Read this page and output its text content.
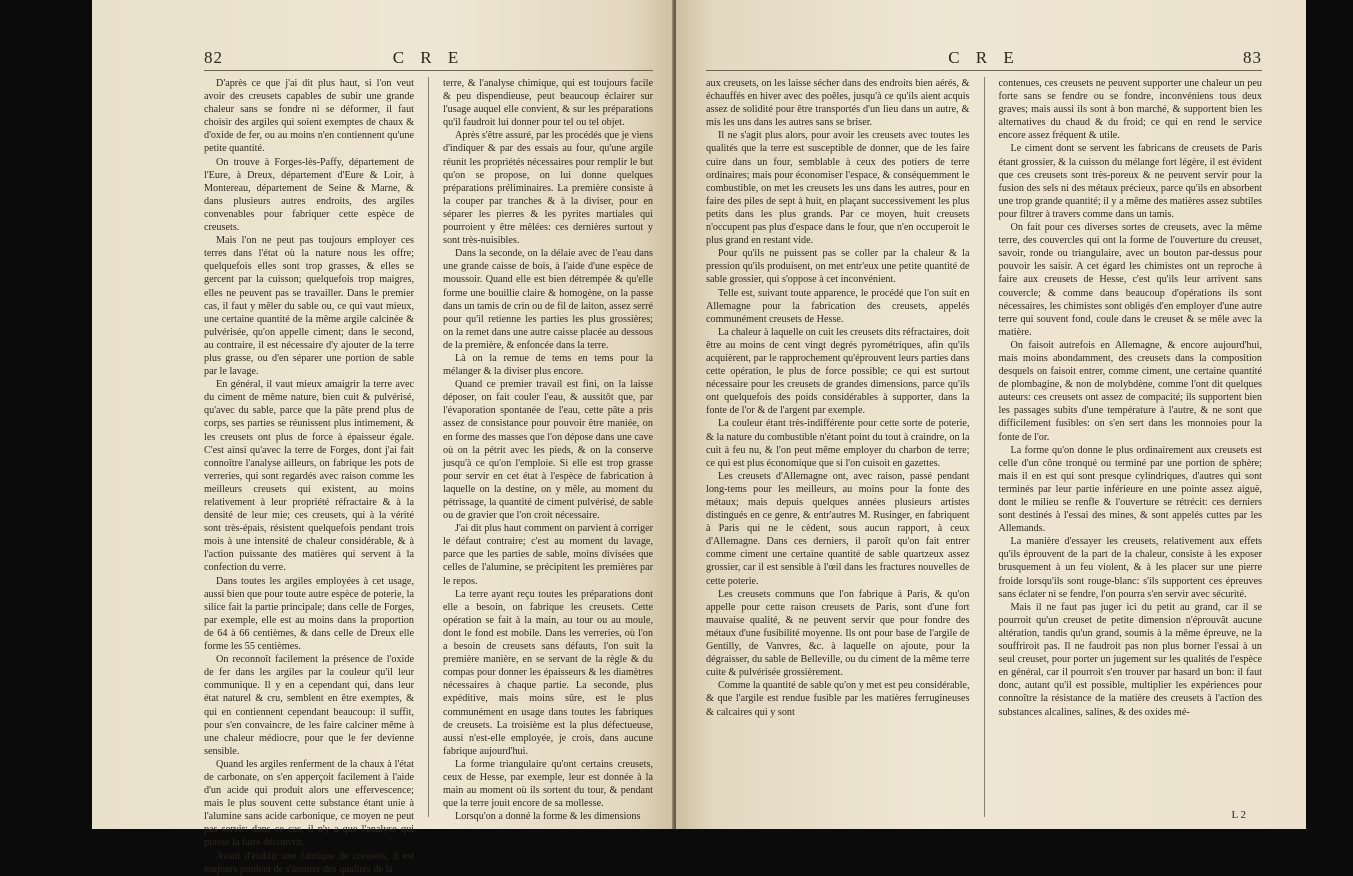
82	C R E

D'après ce que j'ai dit plus haut, si l'on veut avoir des creusets capables de subir une grande chaleur sans se fondre ni se déformer, il faut choisir des argiles qui soient exemptes de chaux & d'oxide de fer, ou au moins n'en contiennent qu'une petite quantité.

On trouve à Forges-lès-Paffy, département de l'Eure, à Dreux, département d'Eure & Loir, à Montereau, département de Seine & Marne, & dans plusieurs autres endroits, des argiles convenables pour fabriquer cette espèce de creusets.

Mais l'on ne peut pas toujours employer ces terres dans l'état où la nature nous les offre; quelquefois elles sont trop grasses, & elles se gercent par la cuisson; quelquefois trop maigres, elles ne peuvent pas se travailler. Dans le premier cas, il faut y mêler du sable ou, ce qui vaut mieux, une certaine quantité de la même argile calcinée & pulvérisée, qu'on appelle ciment; dans le second, au contraire, il est nécessaire d'y ajouter de la terre plus grasse, ou d'en séparer une portion de sable par le lavage.

En général, il vaut mieux amaigrir la terre avec du ciment de même nature, bien cuit & pulvérisé, qu'avec du sable, parce que la pâte prend plus de corps, ses parties se réunissent plus intimement, & les creusets ont plus de force à épaisseur égale. C'est ainsi qu'avec la terre de Forges, dont j'ai fait connoître l'analyse ailleurs, on fabrique les pots de verreries, qui sont regardés avec raison comme les meilleurs creusets qui existent, au moins relativement à leur propriété réfractaire & à la densité de leur mie; ces creusets, qui à la vérité sont très-épais, résistent quelquefois pendant trois mois à une intensité de chaleur considérable, & à l'action puissante des matières qui servent à la confection du verre.

Dans toutes les argiles employées à cet usage, aussi bien que pour toute autre espèce de poterie, la silice fait la partie principale; dans celle de Forges, par exemple, elle est au moins dans la proportion de 64 à 66 centièmes, & dans celle de Dreux elle forme les 55 centièmes.

On reconnoît facilement la présence de l'oxide de fer dans les argiles par la couleur qu'il leur communique. Il y en a cependant qui, dans leur état naturel & cru, semblent en être exemptes, & qui en contiennent cependant beaucoup: il suffit, pour s'en convaincre, de les faire calciner même à une chaleur médiocre, pour que le fer devienne sensible.

Quand les argiles renferment de la chaux à l'état de carbonate, on s'en apperçoit facilement à l'aide d'un acide qui produit alors une effervescence; mais le plus souvent cette substance étant unie à l'alumine sans acide carbonique, ce moyen ne peut pas servir: dans ce cas, il n'y a que l'analyse qui puisse la faire découvrir.

Avant d'établir une fabrique de creusets, il est toujours prudent de s'assurer des qualités de la

terre, & l'analyse chimique, qui est toujours facile & peu dispendieuse, peut beaucoup éclairer sur l'usage auquel elle convient, & sur les préparations qu'il faudroit lui donner pour tel ou tel objet.

Après s'être assuré, par les procédés que je viens d'indiquer & par des essais au four, qu'une argile réunit les propriétés nécessaires pour remplir le but qu'on se propose, on lui donne quelques préparations préliminaires. La première consiste à la couper par tranches & à la diviser, pour en séparer les pierres & les pyrites martiales qui pourroient y être mêlées: ces dernières surtout y sont très-nuisibles.

Dans la seconde, on la délaie avec de l'eau dans une grande caisse de bois, à l'aide d'une espèce de moussoir. Quand elle est bien détrempée & qu'elle forme une bouillie claire & homogène, on la passe dans un tamis de crin ou de fil de laiton, assez serré pour qu'il retienne les parties les plus grossières; on la remet dans une autre caisse placée au dessous de la première, & enfoncée dans la terre.

Là on la remue de tems en tems pour la mélanger & la diviser plus encore.

Quand ce premier travail est fini, on la laisse déposer, on fait couler l'eau, & aussitôt que, par l'évaporation spontanée de l'eau, cette pâte a pris assez de consistance pour pouvoir être maniée, on en forme des masses que l'on dépose dans une cave où on la pétrit avec les pieds, & on la conserve jusqu'à ce qu'on l'emploie. Si elle est trop grasse pour servir en cet état à l'espèce de fabrication à laquelle on la destine, on y mêle, au moment du pétrissage, la quantité de ciment pulvérisé, de sable ou de gravier que l'on croit nécessaire.

J'ai dit plus haut comment on parvient à corriger le défaut contraire; c'est au moment du lavage, parce que les parties de sable, moins divisées que celles de l'alumine, se précipitent les premières par le repos.

La terre ayant reçu toutes les préparations dont elle a besoin, on fabrique les creusets. Cette opération se fait à la main, au tour ou au moule, dont le fond est mobile. Dans les verreries, où l'on a besoin de creusets sans défauts, l'on suit la première manière, en se servant de la règle & du compas pour donner les épaisseurs & les diamètres nécessaires à chaque partie. La seconde, plus expéditive, mais moins sûre, est le plus communément en usage dans toutes les fabriques de creusets. La troisième est la plus défectueuse, aussi n'est-elle employée, je crois, dans aucune fabrique aujourd'hui.

La forme triangulaire qu'ont certains creusets, ceux de Hesse, par exemple, leur est donnée à la main au moment où ils sortent du tour, & pendant que la terre jouit encore de sa mollesse.

Lorsqu'on a donné la forme & les dimensions

C R E	83

aux creusets, on les laisse sécher dans des endroits bien aérés, & échauffés en hiver avec des poêles, jusqu'à ce qu'ils aient acquis assez de solidité pour être transportés d'un lieu dans un autre, & mis les uns dans les autres sans se briser.

Il ne s'agit plus alors, pour avoir les creusets avec toutes les qualités que la terre est susceptible de donner, que de les faire cuire dans un four, semblable à ceux des potiers de terre ordinaires; mais pour économiser l'espace, & conséquemment le combustible, on met les creusets les uns dans les autres, pour en faire des piles de sept à huit, en plaçant successivement les plus petits dans les plus grands. Par ce moyen, huit creusets n'occupent pas plus d'espace dans le four, que n'en occuperoit le plus grand en restant vide.

Pour qu'ils ne puissent pas se coller par la chaleur & la pression qu'ils produisent, on met entr'eux une petite quantité de sable grossier, qui s'oppose à cet inconvénient.

Telle est, suivant toute apparence, le procédé que l'on suit en Allemagne pour la fabrication des creusets, appelés communément creusets de Hesse.

La chaleur à laquelle on cuit les creusets dits réfractaires, doit être au moins de cent vingt degrés pyrométriques, afin qu'ils acquièrent, par le rapprochement qu'éprouvent leurs parties dans cette opération, le plus de force possible; ce qui est surtout nécessaire pour les creusets de grandes dimensions, parce qu'ils ont quelquefois des poids considérables à supporter, dans la fonte de l'or & de l'argent par exemple.

La couleur étant très-indifférente pour cette sorte de poterie, & la nature du combustible n'étant point du tout à craindre, on la cuit à feu nu, & l'on peut même employer du charbon de terre; ce qui est plus économique que si l'on cuisoit en gazettes.

Les creusets d'Allemagne ont, avec raison, passé pendant long-tems pour les meilleurs, au moins pour la fonte des métaux; mais depuis quelques années plusieurs artistes distingués en ce genre, & entr'autres M. Rusinger, en fabriquent à Paris qui ne le cèdent, sous aucun rapport, à ceux d'Allemagne. Dans ces derniers, il paroît qu'on fait entrer comme ciment une certaine quantité de sable quartzeux assez grossier, car il est sensible à l'œil dans les fractures nouvelles de cette poterie.

Les creusets communs que l'on fabrique à Paris, & qu'on appelle pour cette raison creusets de Paris, sont d'une fort mauvaise qualité, & ne peuvent servir que pour fondre des métaux d'une fusibilité moyenne. Ils ont pour base de l'argile de Gentilly, de Vanvres, &c. à laquelle on ajoute, pour la dégraisser, du sable de Belleville, ou du ciment de la même terre cuite & pulvérisée grossièrement.

Comme la quantité de sable qu'on y met est peu considérable, & que l'argile est rendue fusible par les matières ferrugineuses & calcaires qui y sont

contenues, ces creusets ne peuvent supporter une chaleur un peu forte sans se fendre ou se fondre, inconvéniens tous deux graves; mais aussi ils sont à bon marché, & supportent bien les alternatives du chaud & du froid; ce qui en rend le service encore assez fréquent & utile.

Le ciment dont se servent les fabricans de creusets de Paris étant grossier, & la cuisson du mélange fort légère, il est évident que ces creusets sont très-poreux & ne peuvent servir pour la fusion des sels ni des métaux précieux, parce qu'ils en absorbent une trop grande quantité; il y a même des matières assez subtiles pour filtrer à travers comme dans un tamis.

On fait pour ces diverses sortes de creusets, avec la même terre, des couvercles qui ont la forme de l'ouverture du creuset, savoir, ronde ou triangulaire, avec un bouton par-dessus pour pouvoir les saisir. A cet égard les chimistes ont un reproche à faire aux creusets de Hesse, c'est qu'ils leur arrivent sans couvercle; & comme dans beaucoup d'opérations ils sont nécessaires, les chimistes sont obligés d'en employer d'une autre terre qui souvent fond, coule dans le creuset & se mêle avec la matière.

On faisoit autrefois en Allemagne, & encore aujourd'hui, mais moins abondamment, des creusets dans la composition desquels on faisoit entrer, comme ciment, une certaine quantité de plombagine, & non de molybdène, comme l'ont dit quelques auteurs: ces creusets ont assez de compacité; ils supportent bien les passages subits d'une température à l'autre, & ne sont que difficilement fusibles: on s'en sert dans les monnoies pour la fonte de l'or.

La forme qu'on donne le plus ordinairement aux creusets est celle d'un cône tronqué ou terminé par une portion de sphère; mais il en est qui sont presque cylindriques, d'autres qui sont terminés par leur partie inférieure en une pointe assez aiguë, dont le milieu se renfle & l'ouverture se rétrécit: ces derniers sont destinés à l'essai des mines, & sont appelés cuttes par les Allemands.

La manière d'essayer les creusets, relativement aux effets qu'ils éprouvent de la part de la chaleur, consiste à les exposer brusquement à un feu violent, & à les placer sur une pierre froide lorsqu'ils sont rouge-blanc: s'ils supportent ces épreuves sans éclater ni se fendre, l'on pourra s'en servir avec sécurité.

Mais il ne faut pas juger ici du petit au grand, car il se pourroit qu'un creuset de petite dimension n'éprouvât aucune altération, tandis qu'un grand, soumis à la même épreuve, ne la souffriroit pas. Il ne faudroit pas non plus borner l'essai à un seul creuset, pour porter un jugement sur les qualités de l'espèce en général, car il pourroit s'en trouver par hasard un bon: il faut donc, autant qu'il est possible, multiplier les expériences pour connoître la résistance de la matière des creusets à l'action des substances alcalines, salines, & des oxides mé-

L 2
